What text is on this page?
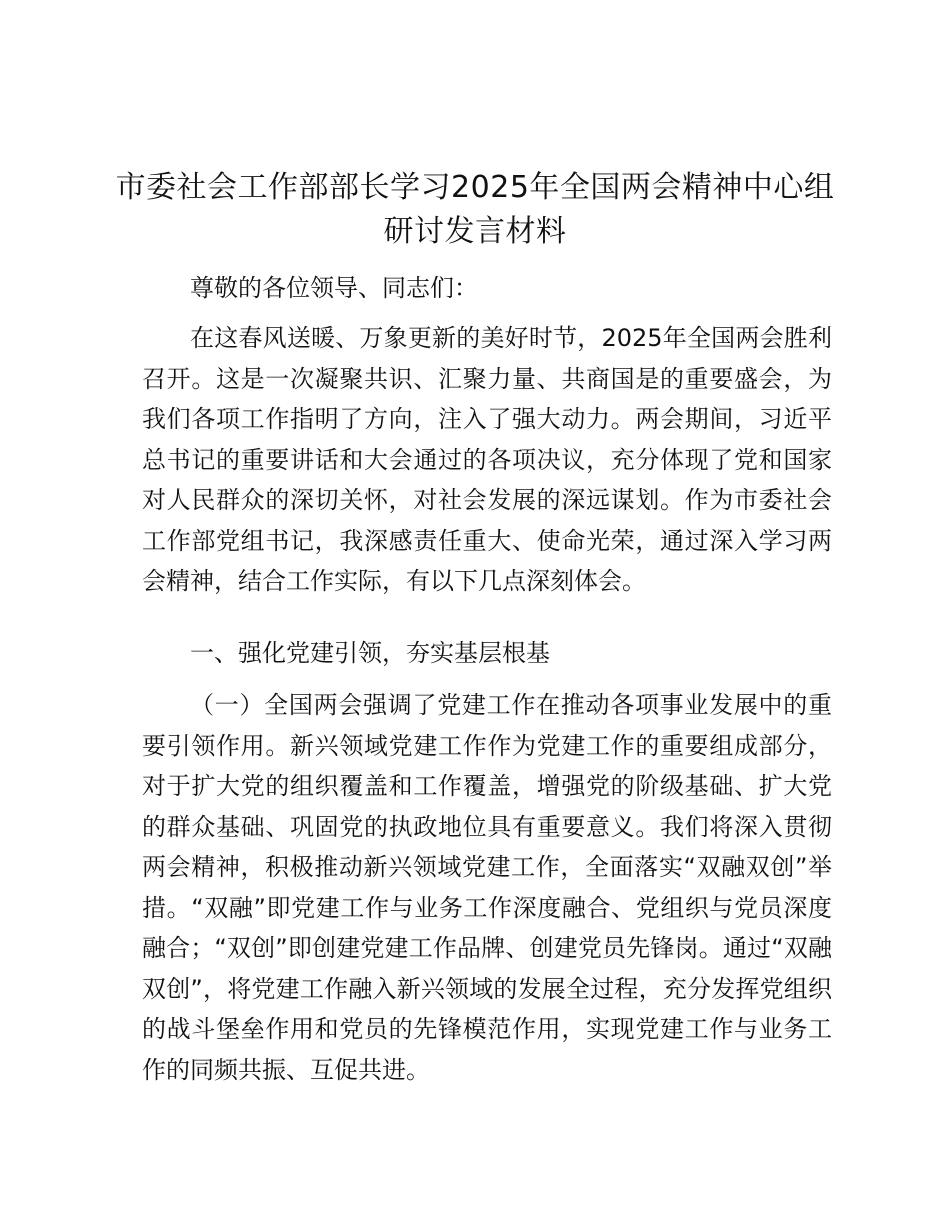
市委社会工作部部长学习2025年全国两会精神中心组研讨发言材料

尊敬的各位领导、同志们：

在这春风送暖、万象更新的美好时节，2025年全国两会胜利召开。这是一次凝聚共识、汇聚力量、共商国是的重要盛会，为我们各项工作指明了方向，注入了强大动力。两会期间，习近平总书记的重要讲话和大会通过的各项决议，充分体现了党和国家对人民群众的深切关怀，对社会发展的深远谋划。作为市委社会工作部党组书记，我深感责任重大、使命光荣，通过深入学习两会精神，结合工作实际，有以下几点深刻体会。

一、强化党建引领，夯实基层根基

（一）全国两会强调了党建工作在推动各项事业发展中的重要引领作用。新兴领域党建工作作为党建工作的重要组成部分，对于扩大党的组织覆盖和工作覆盖，增强党的阶级基础、扩大党的群众基础、巩固党的执政地位具有重要意义。我们将深入贯彻两会精神，积极推动新兴领域党建工作，全面落实“双融双创”举措。“双融”即党建工作与业务工作深度融合、党组织与党员深度融合；“双创”即创建党建工作品牌、创建党员先锋岗。通过“双融双创”，将党建工作融入新兴领域的发展全过程，充分发挥党组织的战斗堡垒作用和党员的先锋模范作用，实现党建工作与业务工作的同频共振、互促共进。
